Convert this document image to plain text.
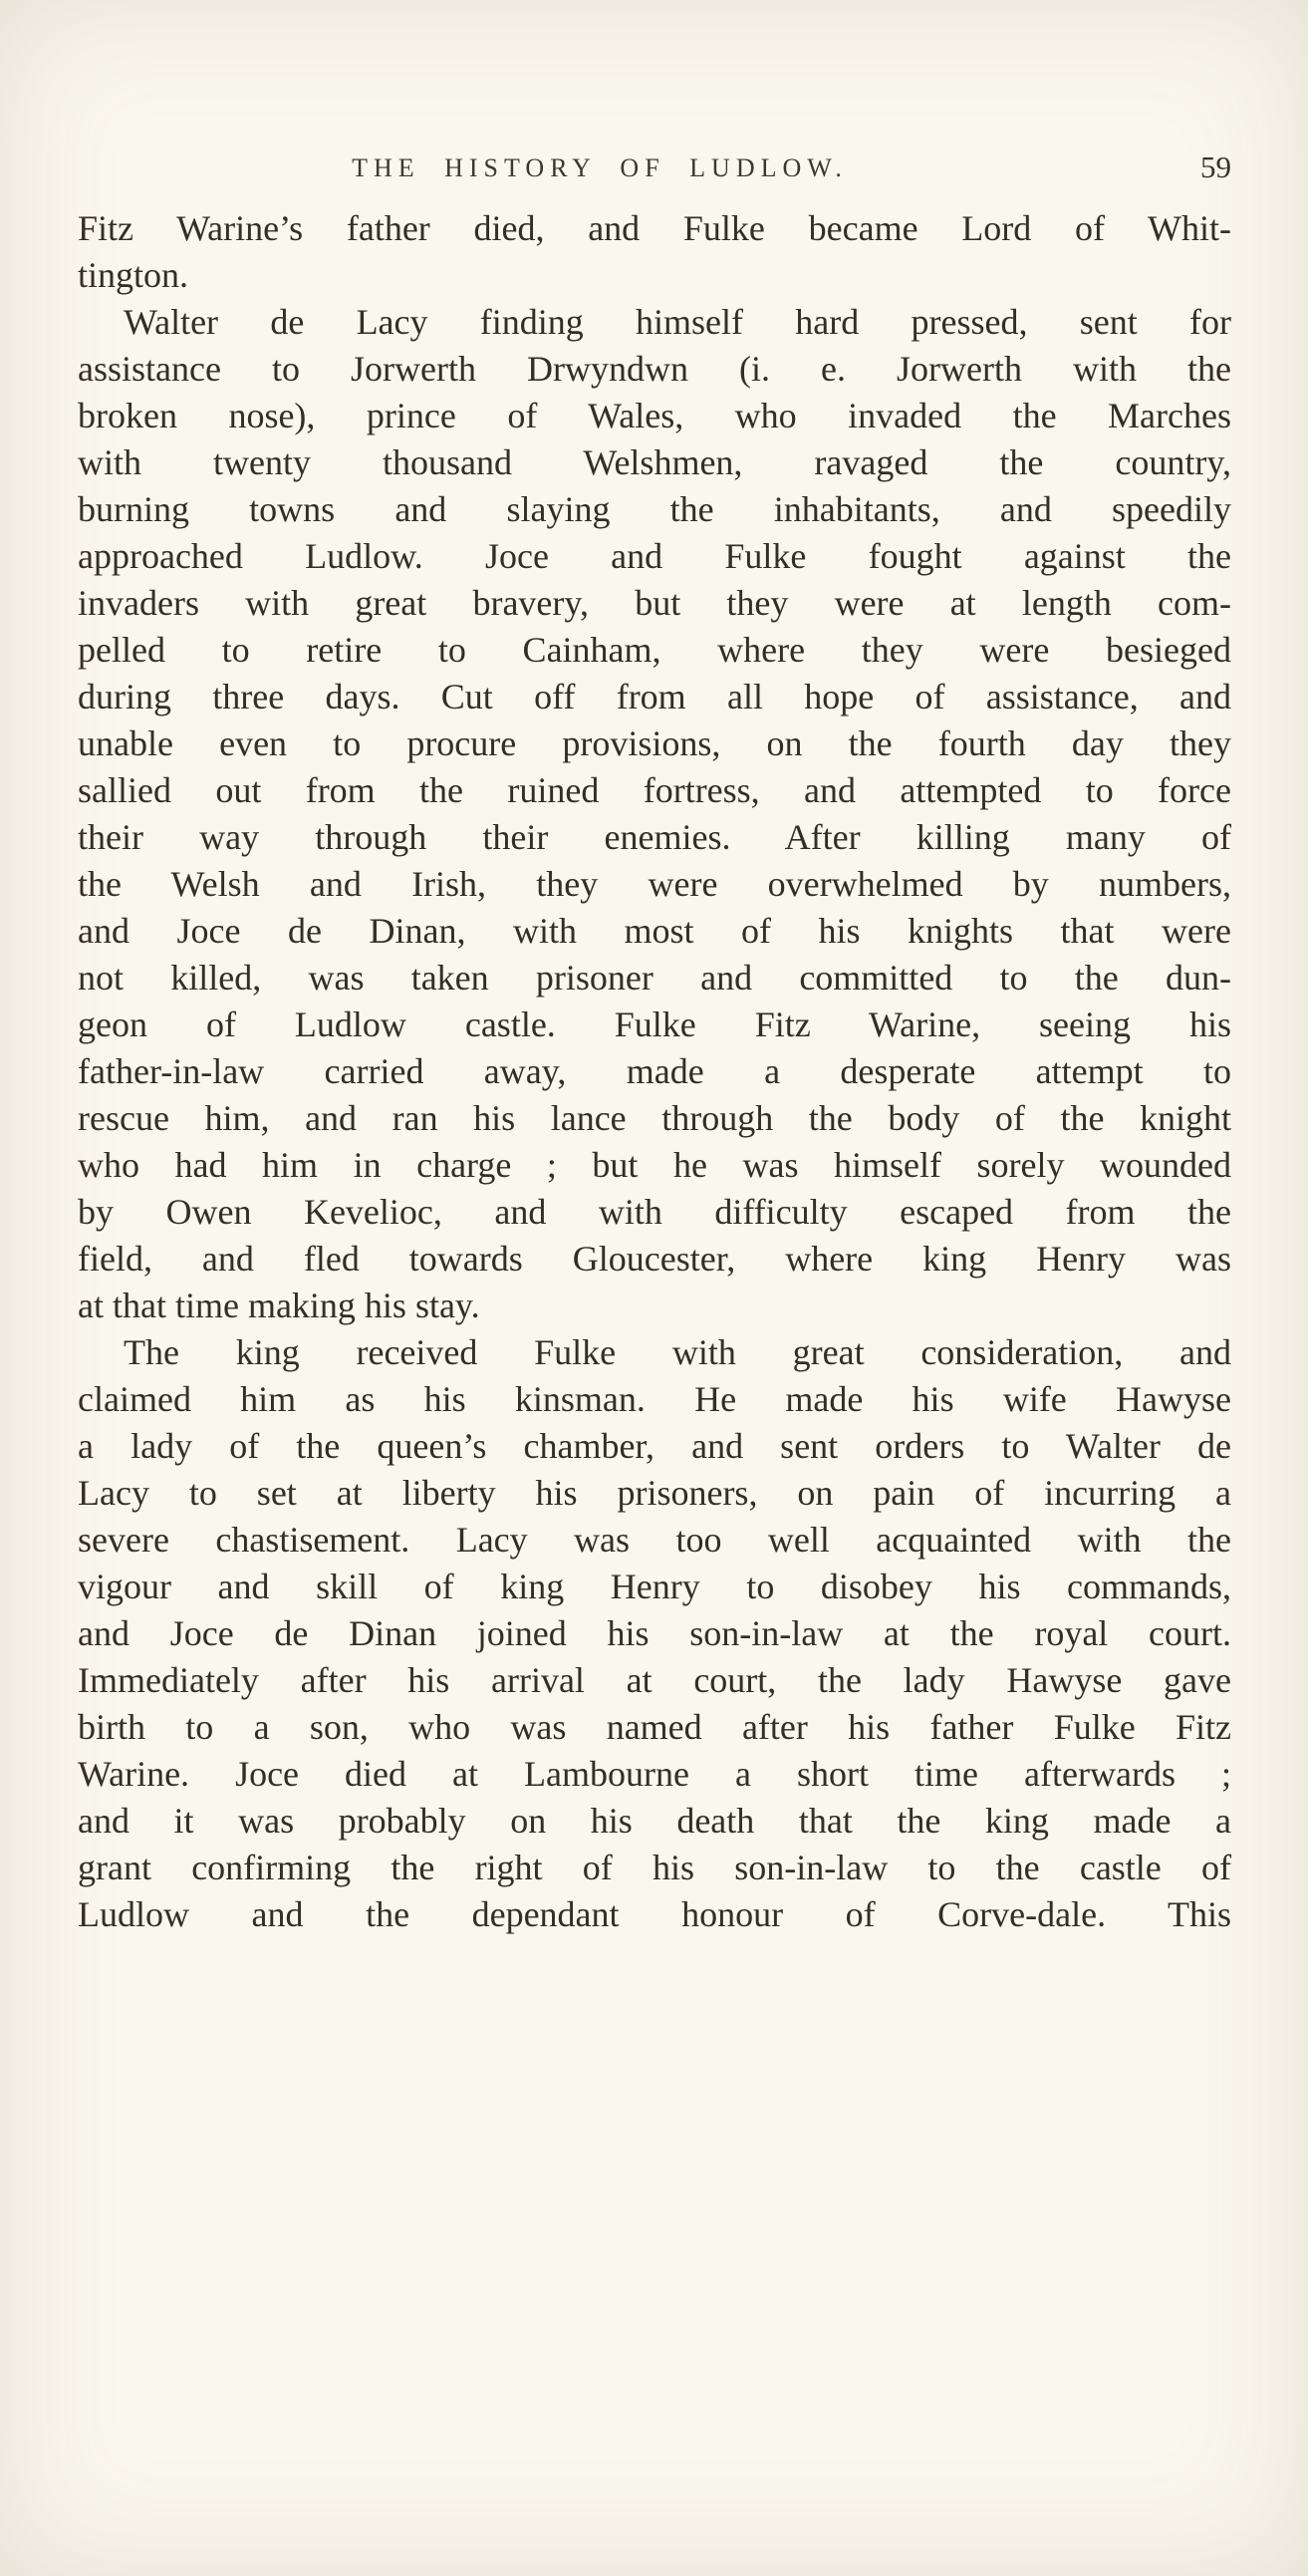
THE HISTORY OF LUDLOW.	59
Fitz Warine’s father died, and Fulke became Lord of Whit-
tington.
Walter de Lacy finding himself hard pressed, sent for
assistance to Jorwerth Drwyndwn (i. e. Jorwerth with the
broken nose), prince of Wales, who invaded the Marches
with twenty thousand Welshmen, ravaged the country,
burning towns and slaying the inhabitants, and speedily
approached Ludlow. Joce and Fulke fought against the
invaders with great bravery, but they were at length com-
pelled to retire to Cainham, where they were besieged
during three days. Cut off from all hope of assistance, and
unable even to procure provisions, on the fourth day they
sallied out from the ruined fortress, and attempted to force
their way through their enemies. After killing many of
the Welsh and Irish, they were overwhelmed by numbers,
and Joce de Dinan, with most of his knights that were
not killed, was taken prisoner and committed to the dun-
geon of Ludlow castle. Fulke Fitz Warine, seeing his
father-in-law carried away, made a desperate attempt to
rescue him, and ran his lance through the body of the knight
who had him in charge ; but he was himself sorely wounded
by Owen Kevelioc, and with difficulty escaped from the
field, and fled towards Gloucester, where king Henry was
at that time making his stay.
The king received Fulke with great consideration, and
claimed him as his kinsman. He made his wife Hawyse
a lady of the queen’s chamber, and sent orders to Walter de
Lacy to set at liberty his prisoners, on pain of incurring a
severe chastisement. Lacy was too well acquainted with the
vigour and skill of king Henry to disobey his commands,
and Joce de Dinan joined his son-in-law at the royal court.
Immediately after his arrival at court, the lady Hawyse gave
birth to a son, who was named after his father Fulke Fitz
Warine. Joce died at Lambourne a short time afterwards ;
and it was probably on his death that the king made a
grant confirming the right of his son-in-law to the castle of
Ludlow and the dependant honour of Corve-dale. This
